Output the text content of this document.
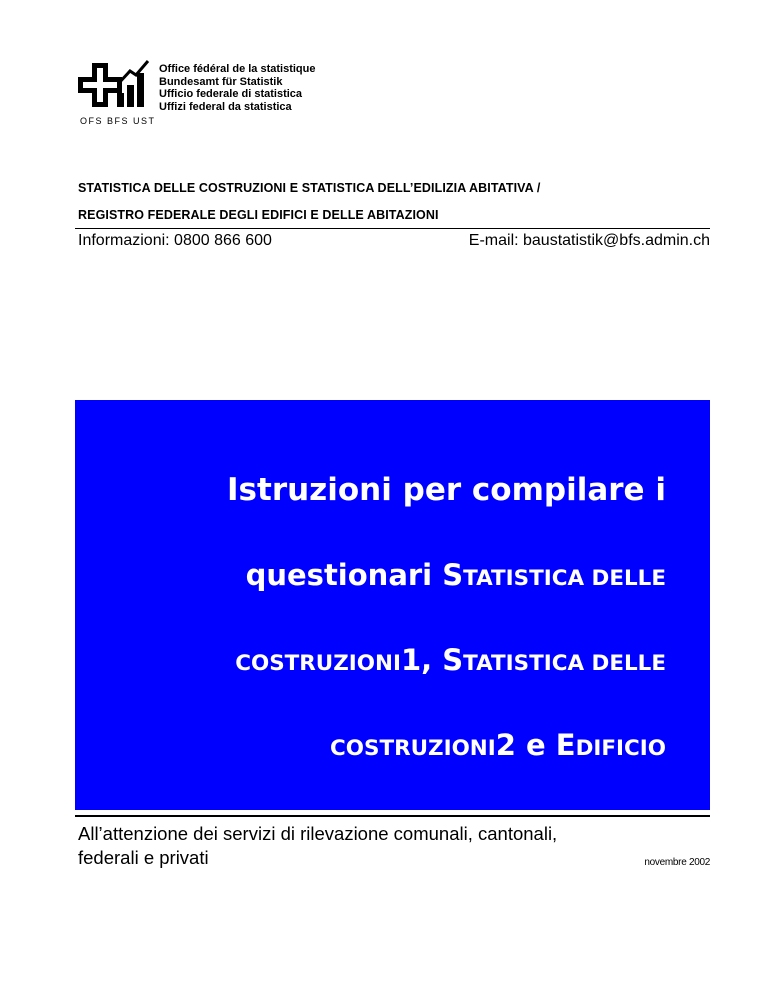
OFS BFS UST
Office fédéral de la statistique
Bundesamt für Statistik
Ufficio federale di statistica
Uffizi federal da statistica
STATISTICA DELLE COSTRUZIONI E STATISTICA DELL’EDILIZIA ABITATIVA /
REGISTRO FEDERALE DEGLI EDIFICI E DELLE ABITAZIONI
Informazioni: 0800 866 600	E-mail: baustatistik@bfs.admin.ch
Istruzioni per compilare i
questionari STATISTICA DELLE
COSTRUZIONI1, STATISTICA DELLE
COSTRUZIONI2 e EDIFICIO
All’attenzione dei servizi di rilevazione comunali, cantonali,
federali e privati	novembre 2002
